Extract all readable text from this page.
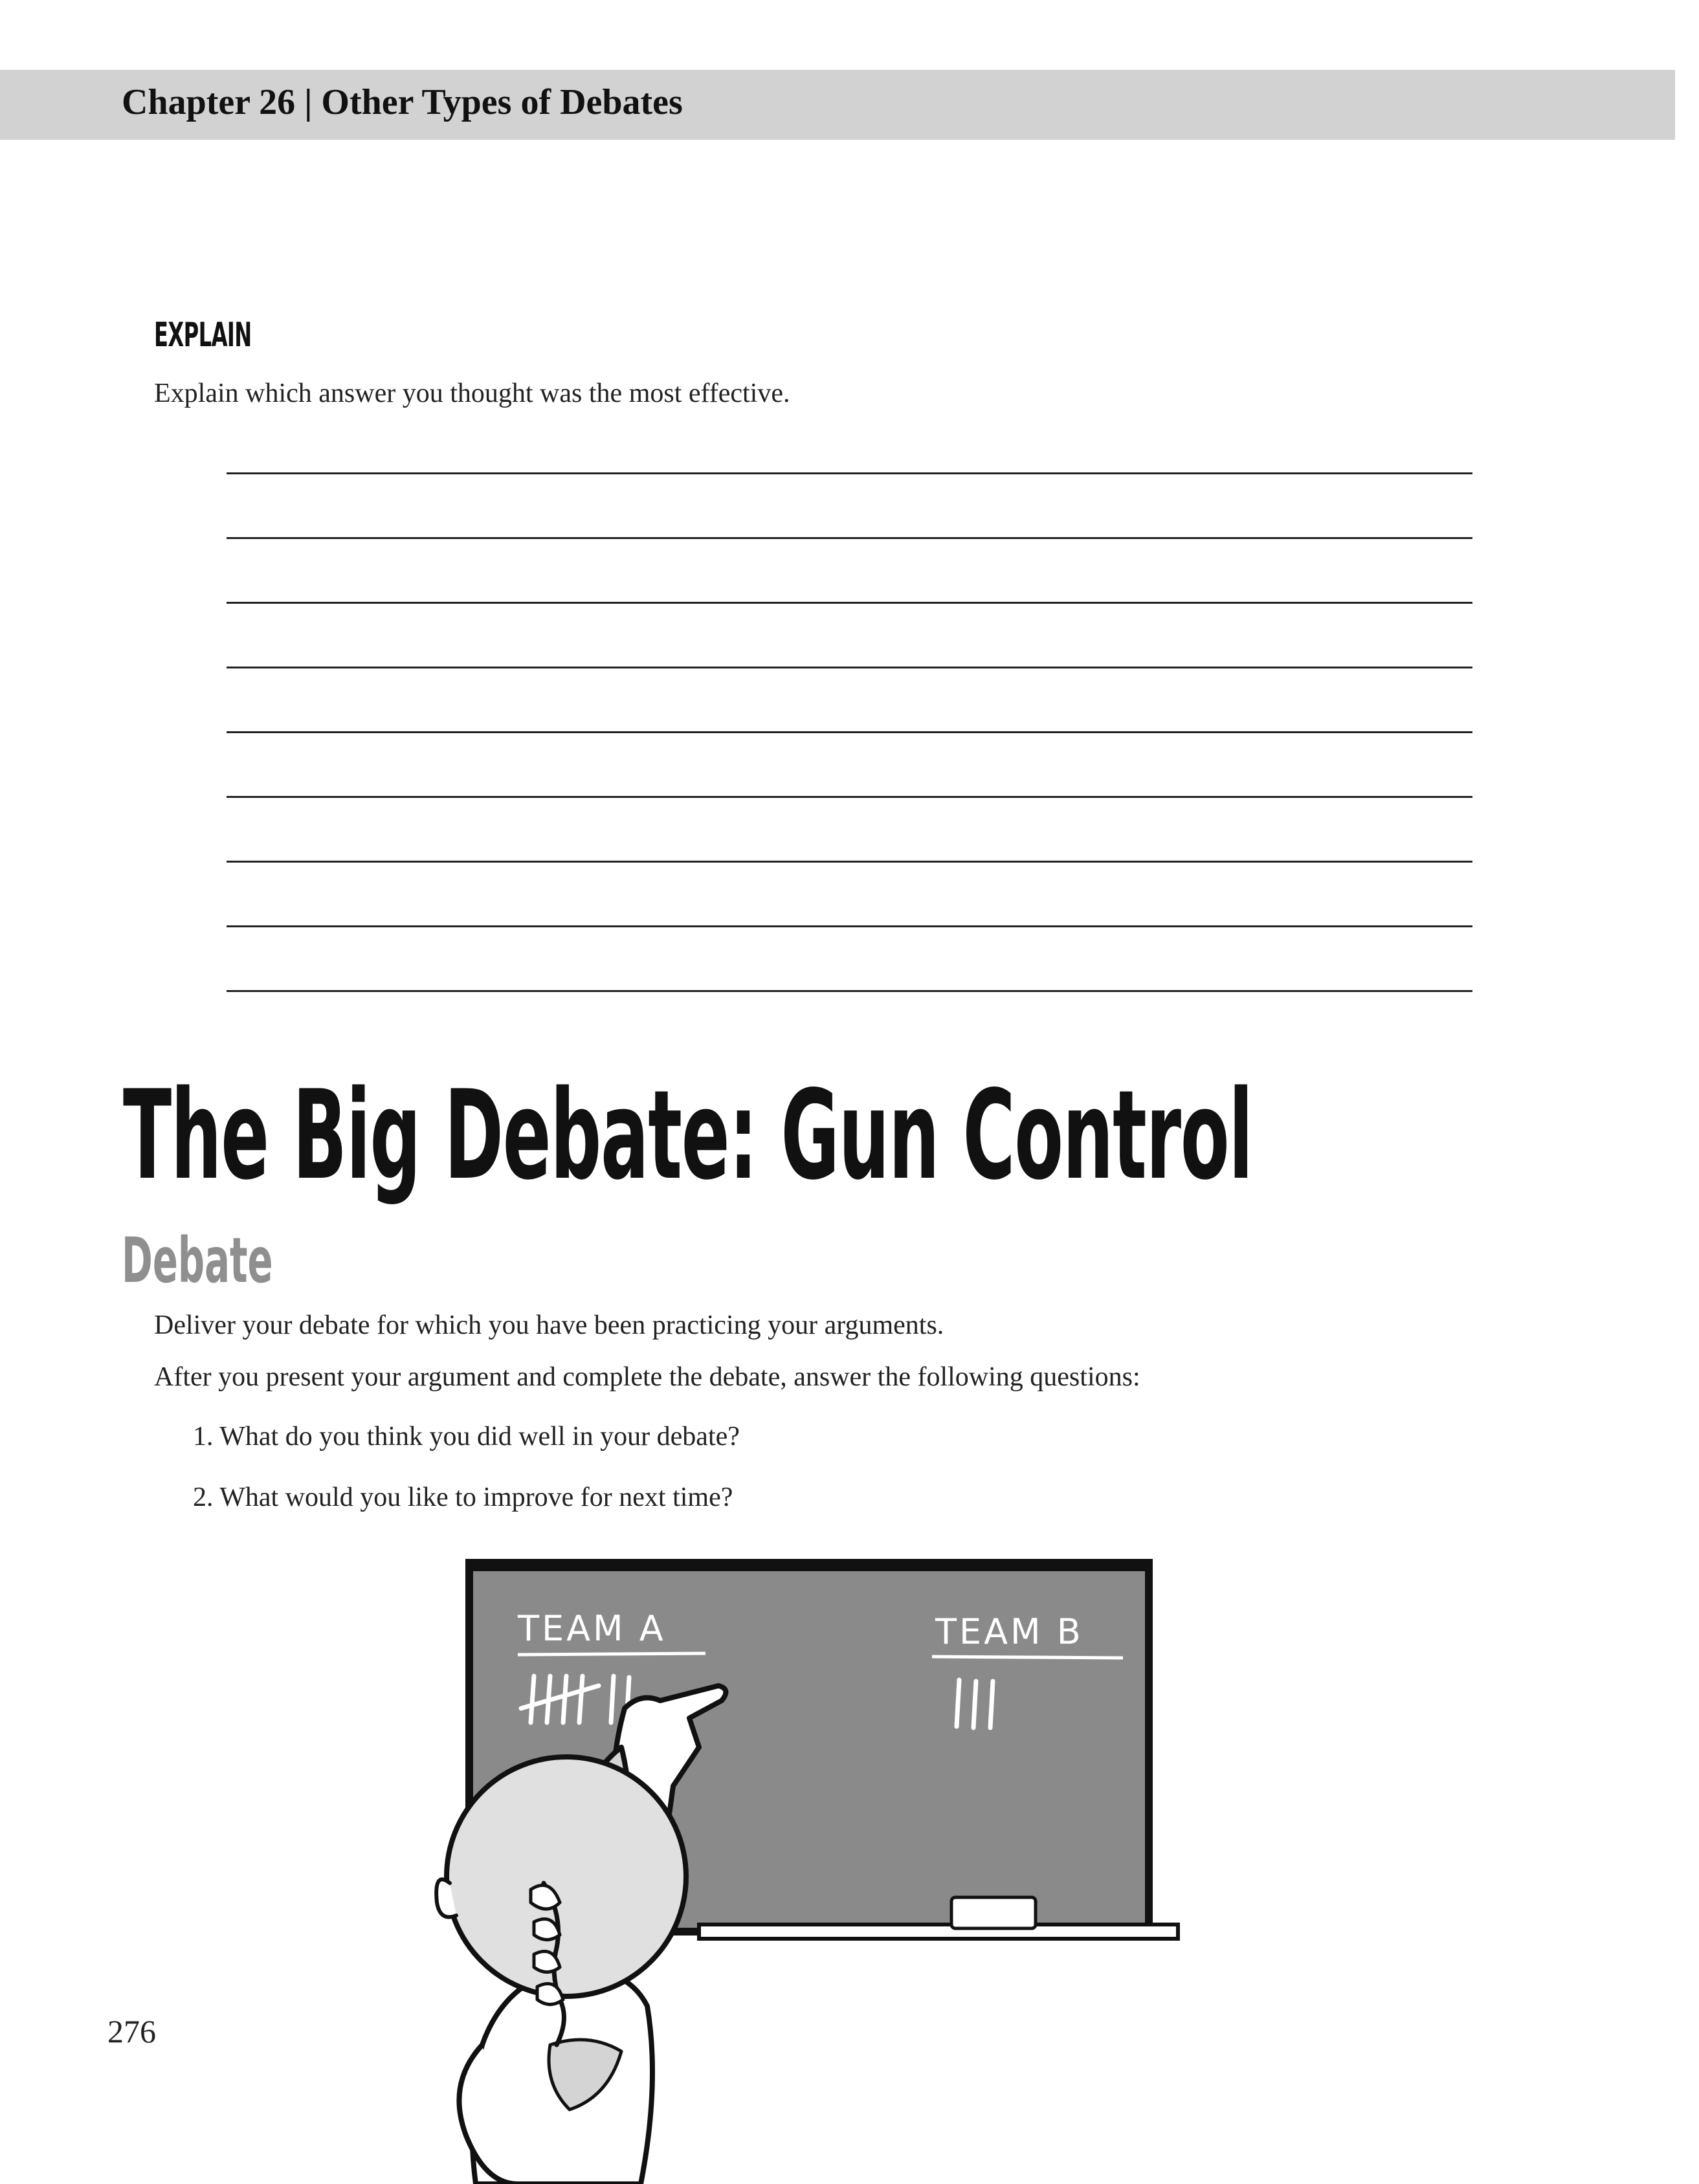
Chapter 26 | Other Types of Debates
EXPLAIN
Explain which answer you thought was the most effective.
The Big Debate: Gun Control
Debate
Deliver your debate for which you have been practicing your arguments.
After you present your argument and complete the debate, answer the following questions:
1. What do you think you did well in your debate?
2. What would you like to improve for next time?
TEAM A	TEAM B
276
